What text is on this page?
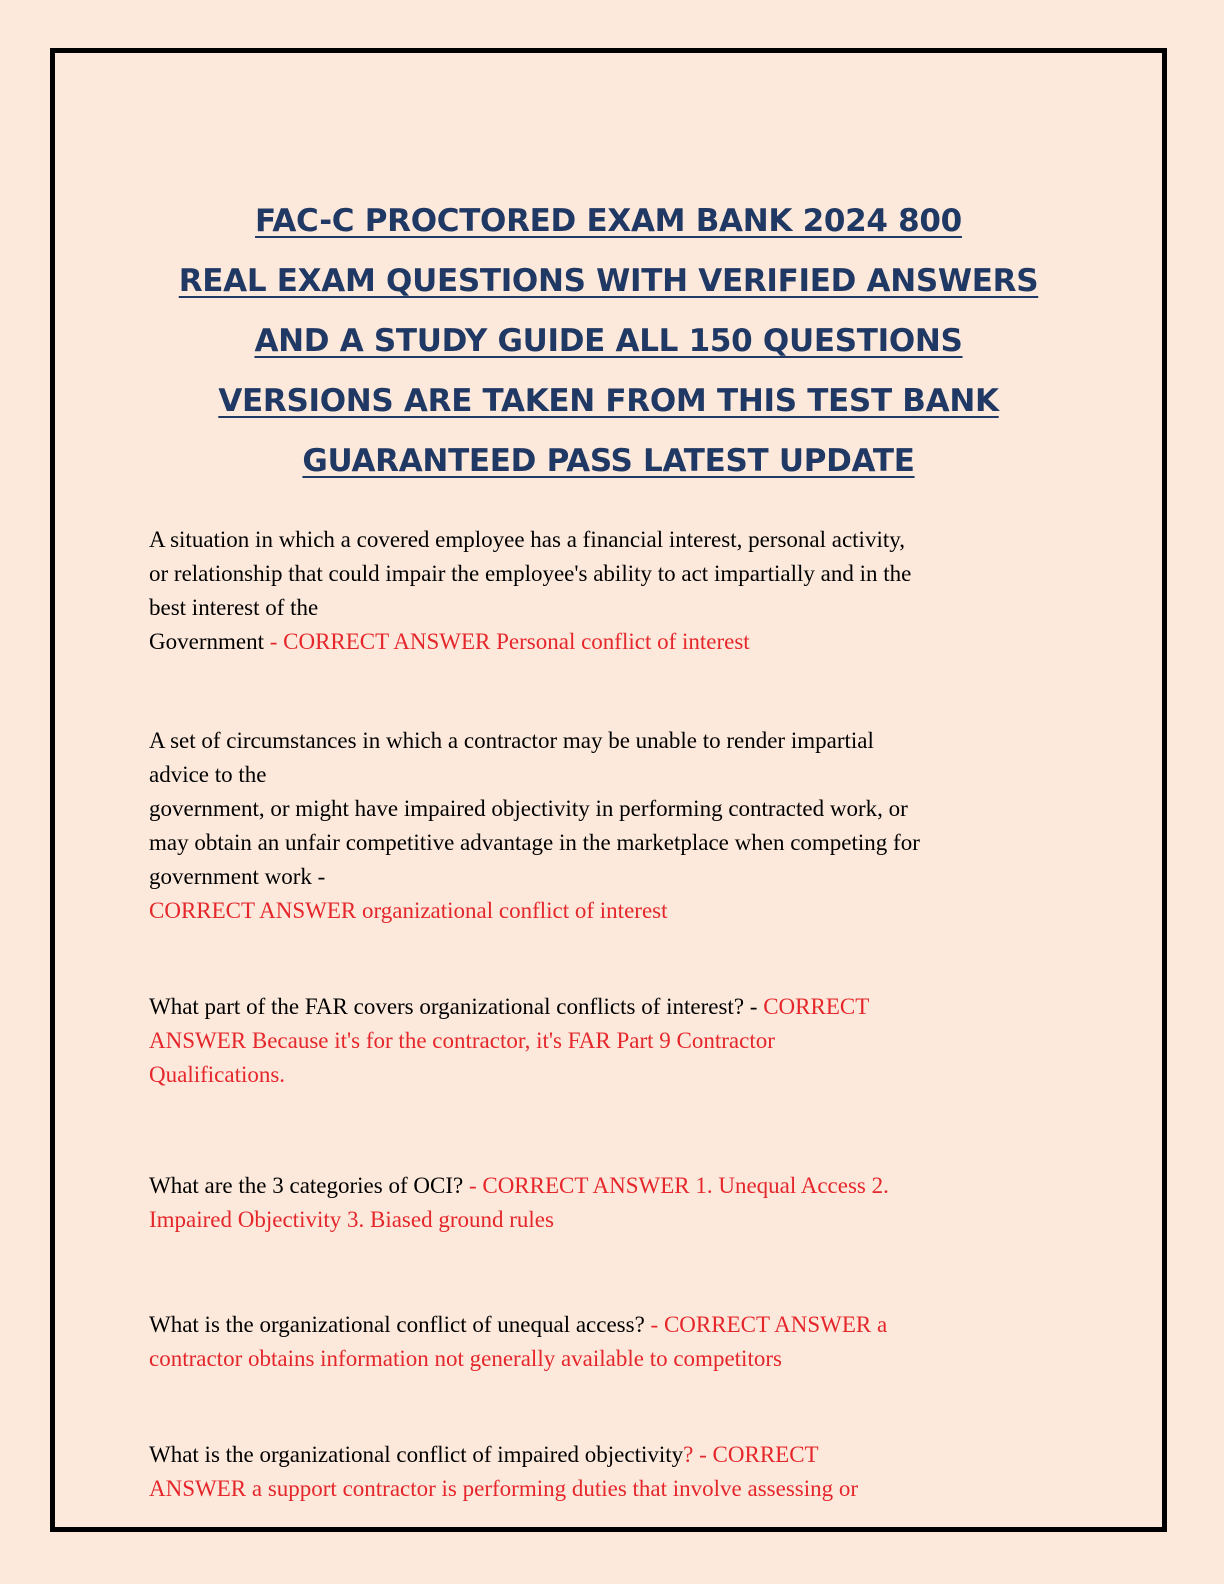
FAC-C PROCTORED EXAM BANK 2024 800
REAL EXAM QUESTIONS WITH VERIFIED ANSWERS
AND A STUDY GUIDE ALL 150 QUESTIONS
VERSIONS ARE TAKEN FROM THIS TEST BANK
GUARANTEED PASS LATEST UPDATE

A situation in which a covered employee has a financial interest, personal activity,
or relationship that could impair the employee's ability to act impartially and in the
best interest of the
Government - CORRECT ANSWER Personal conflict of interest

A set of circumstances in which a contractor may be unable to render impartial
advice to the
government, or might have impaired objectivity in performing contracted work, or
may obtain an unfair competitive advantage in the marketplace when competing for
government work -
CORRECT ANSWER organizational conflict of interest

What part of the FAR covers organizational conflicts of interest? - CORRECT
ANSWER Because it's for the contractor, it's FAR Part 9 Contractor
Qualifications.

What are the 3 categories of OCI? - CORRECT ANSWER 1. Unequal Access 2.
Impaired Objectivity 3. Biased ground rules

What is the organizational conflict of unequal access? - CORRECT ANSWER a
contractor obtains information not generally available to competitors

What is the organizational conflict of impaired objectivity? - CORRECT
ANSWER a support contractor is performing duties that involve assessing or
